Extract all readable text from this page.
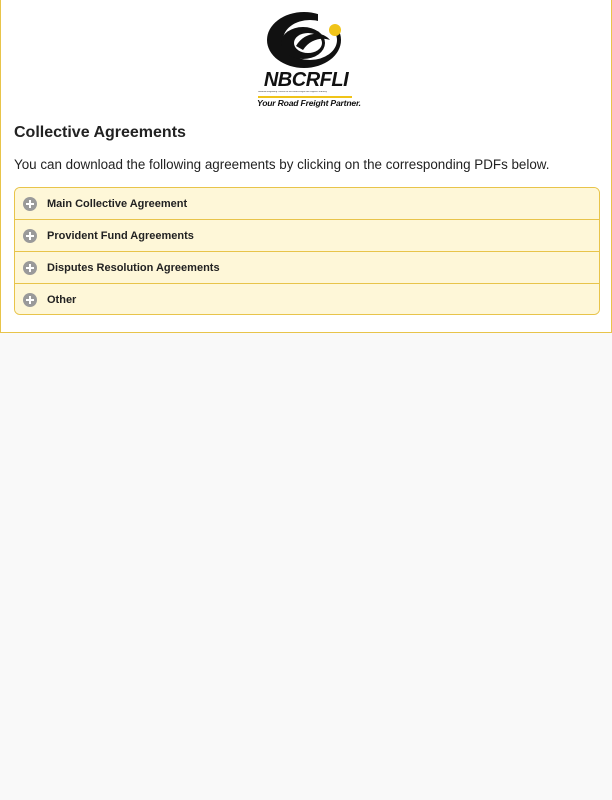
NBCRFLI
National Bargaining Council for the Road Freight and Logistics Industry
Your Road Freight Partner.
Collective Agreements

You can download the following agreements by clicking on the corresponding PDFs below.

Main Collective Agreement
Provident Fund Agreements
Disputes Resolution Agreements
Other
